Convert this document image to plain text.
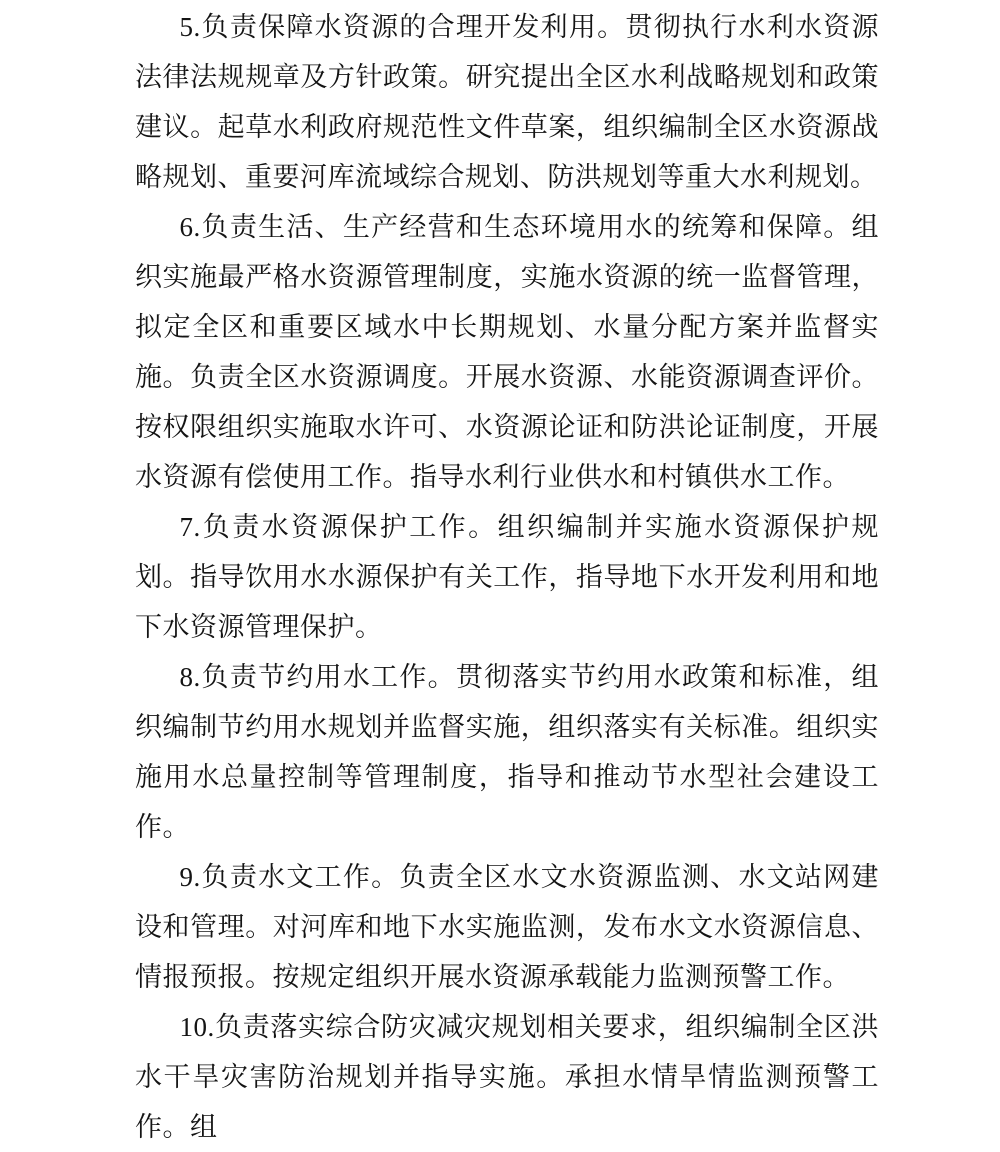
5.负责保障水资源的合理开发利用。贯彻执行水利水资源法律法规规章及方针政策。研究提出全区水利战略规划和政策建议。起草水利政府规范性文件草案，组织编制全区水资源战略规划、重要河库流域综合规划、防洪规划等重大水利规划。

6.负责生活、生产经营和生态环境用水的统筹和保障。组织实施最严格水资源管理制度，实施水资源的统一监督管理，拟定全区和重要区域水中长期规划、水量分配方案并监督实施。负责全区水资源调度。开展水资源、水能资源调查评价。按权限组织实施取水许可、水资源论证和防洪论证制度，开展水资源有偿使用工作。指导水利行业供水和村镇供水工作。

7.负责水资源保护工作。组织编制并实施水资源保护规划。指导饮用水水源保护有关工作，指导地下水开发利用和地下水资源管理保护。

8.负责节约用水工作。贯彻落实节约用水政策和标准，组织编制节约用水规划并监督实施，组织落实有关标准。组织实施用水总量控制等管理制度，指导和推动节水型社会建设工作。

9.负责水文工作。负责全区水文水资源监测、水文站网建设和管理。对河库和地下水实施监测，发布水文水资源信息、情报预报。按规定组织开展水资源承载能力监测预警工作。

10.负责落实综合防灾减灾规划相关要求，组织编制全区洪水干旱灾害防治规划并指导实施。承担水情旱情监测预警工作。组
